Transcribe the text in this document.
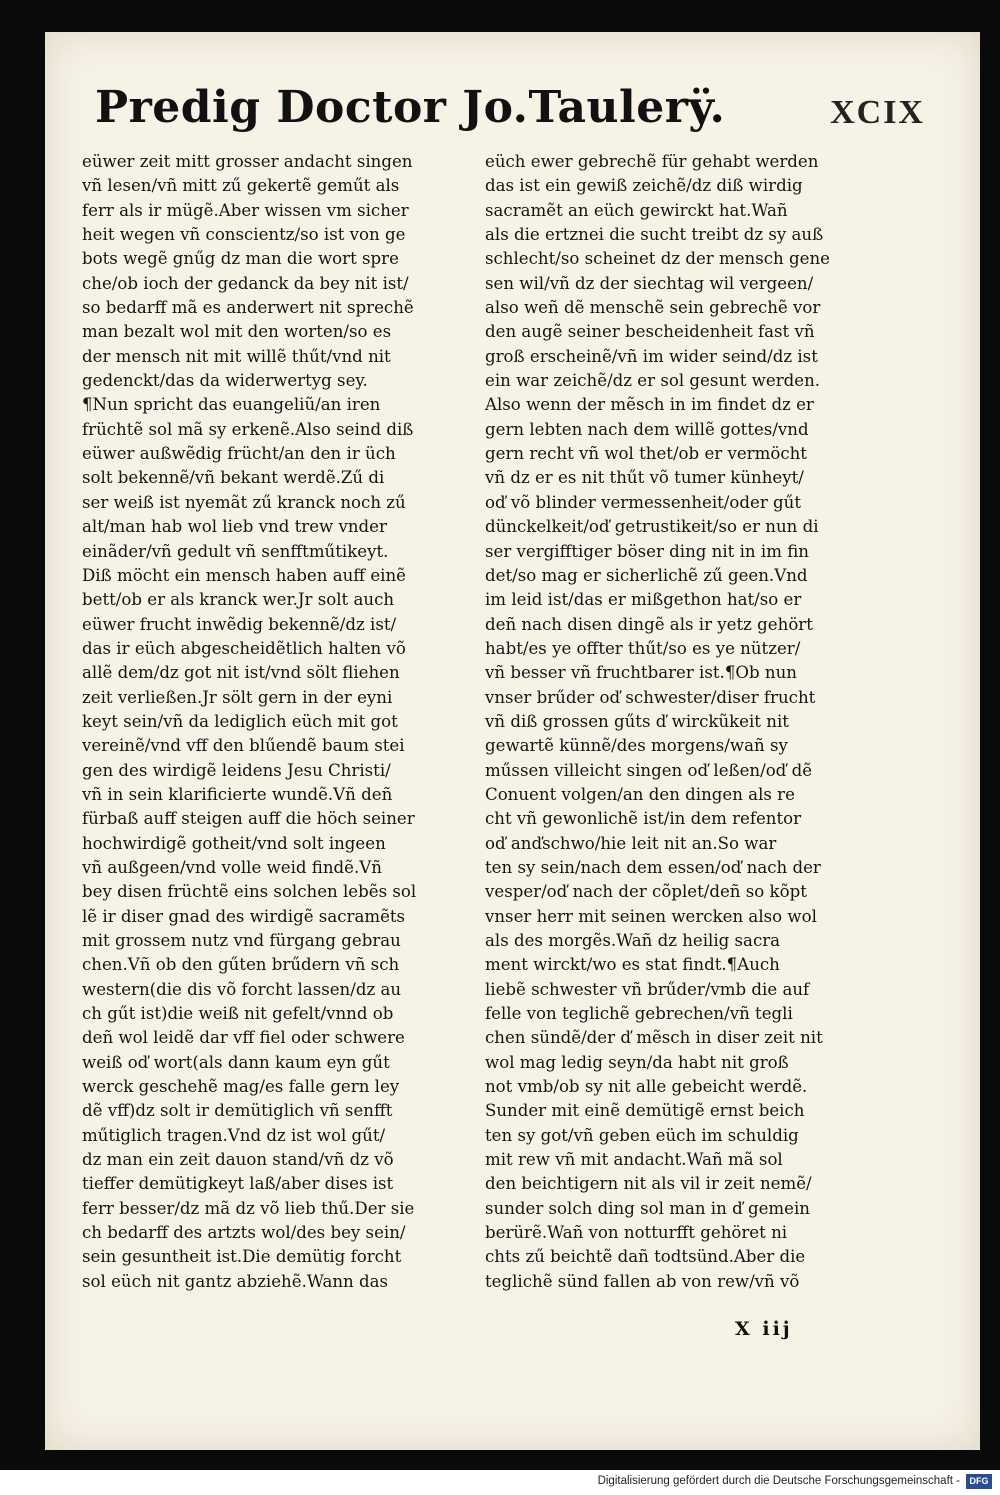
Predig Doctor Jo.Taulerÿ.	XCIX
eüwer zeit mitt grosser andacht singen
vñ lesen/vñ mitt zű gekertẽ geműt als
ferr als ir mügẽ.Aber wissen vm sicher
heit wegen vñ conscientz/so ist von ge
bots wegẽ gnűg dz man die wort spre
che/ob ioch der gedanck da bey nit ist/
so bedarff mã es anderwert nit sprechẽ
man bezalt wol mit den worten/so es
der mensch nit mit willẽ thűt/vnd nit
gedenckt/das da widerwertyg sey.
¶Nun spricht das euangeliũ/an iren
früchtẽ sol mã sy erkenẽ.Also seind diß
eüwer außwẽdig frücht/an den ir üch
solt bekennẽ/vñ bekant werdẽ.Zű di
ser weiß ist nyemãt zű kranck noch zű
alt/man hab wol lieb vnd trew vnder
einãder/vñ gedult vñ senfftműtikeyt.
Diß möcht ein mensch haben auff einẽ
bett/ob er als kranck wer.Jr solt auch
eüwer frucht inwẽdig bekennẽ/dz ist/
das ir eüch abgescheidẽtlich halten võ
allẽ dem/dz got nit ist/vnd sölt fliehen
zeit verließen.Jr sölt gern in der eyni
keyt sein/vñ da lediglich eüch mit got
vereinẽ/vnd vff den blűendẽ baum stei
gen des wirdigẽ leidens Jesu Christi/
vñ in sein klarificierte wundẽ.Vñ deñ
fürbaß auff steigen auff die höch seiner
hochwirdigẽ gotheit/vnd solt ingeen
vñ außgeen/vnd volle weid findẽ.Vñ
bey disen früchtẽ eins solchen lebẽs sol
lẽ ir diser gnad des wirdigẽ sacramẽts
mit grossem nutz vnd fürgang gebrau
chen.Vñ ob den gűten brűdern vñ sch
western(die dis võ forcht lassen/dz au
ch gűt ist)die weiß nit gefelt/vnnd ob
deñ wol leidẽ dar vff fiel oder schwere
weiß oď wort(als dann kaum eyn gűt
werck geschehẽ mag/es falle gern ley
dẽ vff)dz solt ir demütiglich vñ senfft
műtiglich tragen.Vnd dz ist wol gűt/
dz man ein zeit dauon stand/vñ dz võ
tieffer demütigkeyt laß/aber dises ist
ferr besser/dz mã dz võ lieb thű.Der sie
ch bedarff des artzts wol/des bey sein/
sein gesuntheit ist.Die demütig forcht
sol eüch nit gantz abziehẽ.Wann das
eüch ewer gebrechẽ für gehabt werden
das ist ein gewiß zeichẽ/dz diß wirdig
sacramẽt an eüch gewirckt hat.Wañ
als die ertznei die sucht treibt dz sy auß
schlecht/so scheinet dz der mensch gene
sen wil/vñ dz der siechtag wil vergeen/
also weñ dẽ menschẽ sein gebrechẽ vor
den augẽ seiner bescheidenheit fast vñ
groß erscheinẽ/vñ im wider seind/dz ist
ein war zeichẽ/dz er sol gesunt werden.
Also wenn der mẽsch in im findet dz er
gern lebten nach dem willẽ gottes/vnd
gern recht vñ wol thet/ob er vermöcht
vñ dz er es nit thűt võ tumer künheyt/
oď võ blinder vermessenheit/oder gűt
dünckelkeit/oď getrustikeit/so er nun di
ser vergifftiger böser ding nit in im fin
det/so mag er sicherlichẽ zű geen.Vnd
im leid ist/das er mißgethon hat/so er
deñ nach disen dingẽ als ir yetz gehört
habt/es ye offter thűt/so es ye nützer/
vñ besser vñ fruchtbarer ist.¶Ob nun
vnser brűder oď schwester/diser frucht
vñ diß grossen gűts ď wirckũkeit nit
gewartẽ künnẽ/des morgens/wañ sy
műssen villeicht singen oď leßen/oď dẽ
Conuent volgen/an den dingen als re
cht vñ gewonlichẽ ist/in dem refentor
oď anďschwo/hie leit nit an.So war
ten sy sein/nach dem essen/oď nach der
vesper/oď nach der cõplet/deñ so kõpt
vnser herr mit seinen wercken also wol
als des morgẽs.Wañ dz heilig sacra
ment wirckt/wo es stat findt.¶Auch
liebẽ schwester vñ brűder/vmb die auf
felle von teglichẽ gebrechen/vñ tegli
chen sündẽ/der ď mẽsch in diser zeit nit
wol mag ledig seyn/da habt nit groß
not vmb/ob sy nit alle gebeicht werdẽ.
Sunder mit einẽ demütigẽ ernst beich
ten sy got/vñ geben eüch im schuldig
mit rew vñ mit andacht.Wañ mã sol
den beichtigern nit als vil ir zeit nemẽ/
sunder solch ding sol man in ď gemein
berürẽ.Wañ von notturfft gehöret ni
chts zű beichtẽ dañ todtsünd.Aber die
teglichẽ sünd fallen ab von rew/vñ võ
X iij
Digitalisierung gefördert durch die Deutsche Forschungsgemeinschaft -	DFG
